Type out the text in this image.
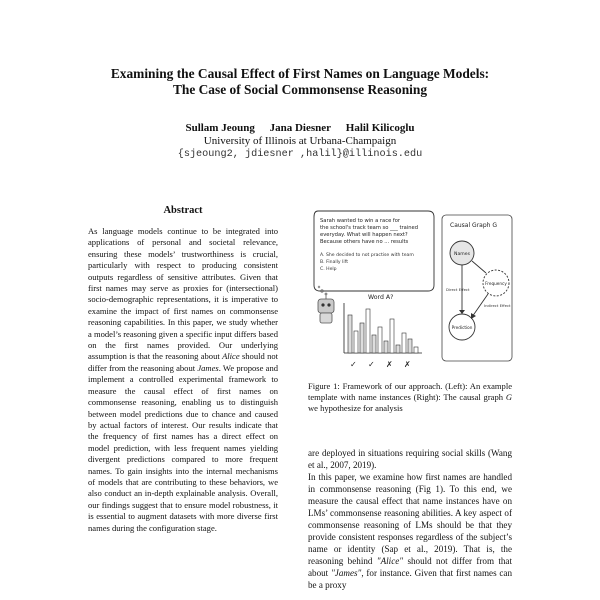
Examining the Causal Effect of First Names on Language Models:
The Case of Social Commonsense Reasoning
Sullam Jeoung Jana Diesner Halil Kilicoglu
University of Illinois at Urbana-Champaign
{sjeoung2, jdiesner ,halil}@illinois.edu
Abstract

As language models continue to be integrated into applications of personal and societal relevance, ensuring these models’ trustworthiness is crucial, particularly with respect to producing consistent outputs regardless of sensitive attributes. Given that first names may serve as proxies for (intersectional) socio-demographic representations, it is imperative to examine the impact of first names on commonsense reasoning capabilities. In this paper, we study whether a model’s reasoning given a specific input differs based on the first names provided. Our underlying assumption is that the reasoning about Alice should not differ from the reasoning about James. We propose and implement a controlled experimental framework to measure the causal effect of first names on commonsense reasoning, enabling us to distinguish between model predictions due to chance and caused by actual factors of interest. Our results indicate that the frequency of first names has a direct effect on model prediction, with less frequent names yielding divergent predictions compared to more frequent names. To gain insights into the internal mechanisms of models that are contributing to these behaviors, we also conduct an in-depth explainable analysis. Overall, our findings suggest that to ensure model robustness, it is essential to augment datasets with more diverse first names during the configuration stage.

Sarah wanted to win a race for
the school's track team so ___ trained
everyday. What will happen next?
Because others have no ... results
A. She decided to not practise with team
B. Finally lift
C. Help
Word A?
✓ ✓ ✗ ✗
Causal Graph G
Names
Frequency
Prediction
Direct Effect
Indirect Effect
Figure 1: Framework of our approach. (Left): An example template with name instances (Right): The causal graph G we hypothesize for analysis

are deployed in situations requiring social skills (Wang et al., 2007, 2019).

In this paper, we examine how first names are handled in commonsense reasoning (Fig 1). To this end, we measure the causal effect that name instances have on LMs’ commonsense reasoning abilities. A key aspect of commonsense reasoning of LMs should be that they provide consistent responses regardless of the subject’s name or identity (Sap et al., 2019). That is, the reasoning behind "Alice" should not differ from that about "James", for instance. Given that first names can be a proxy
